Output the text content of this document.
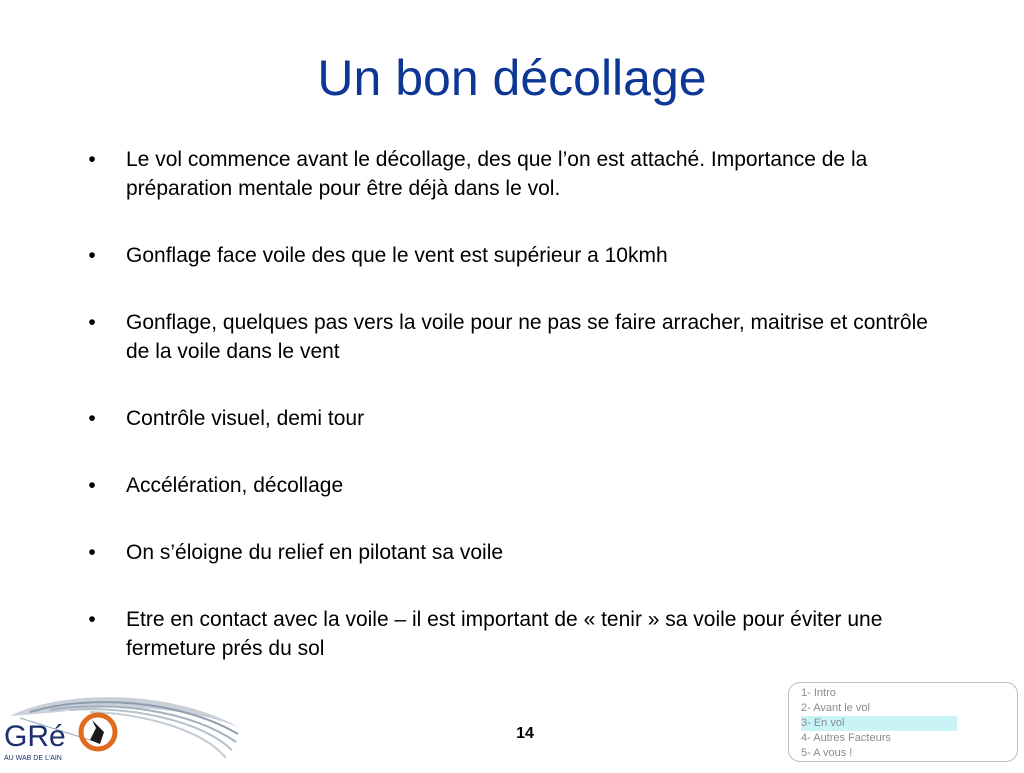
Un bon décollage
•	Le vol commence avant le décollage, des que l’on est attaché. Importance de la préparation mentale pour être déjà dans le vol.
•	Gonflage face voile des que le vent est supérieur a 10kmh
•	Gonflage, quelques pas vers la voile pour ne pas se faire arracher, maitrise et contrôle de la voile dans le vent
•	Contrôle visuel, demi tour
•	Accélération, décollage
•	On s’éloigne du relief en pilotant sa voile
•	Etre en contact avec la voile – il est important de « tenir » sa voile pour éviter une fermeture prés du sol
GRé
AU WAB DE L'AIN
14
1- Intro
2- Avant le vol
3- En vol
4- Autres Facteurs
5- A vous !
